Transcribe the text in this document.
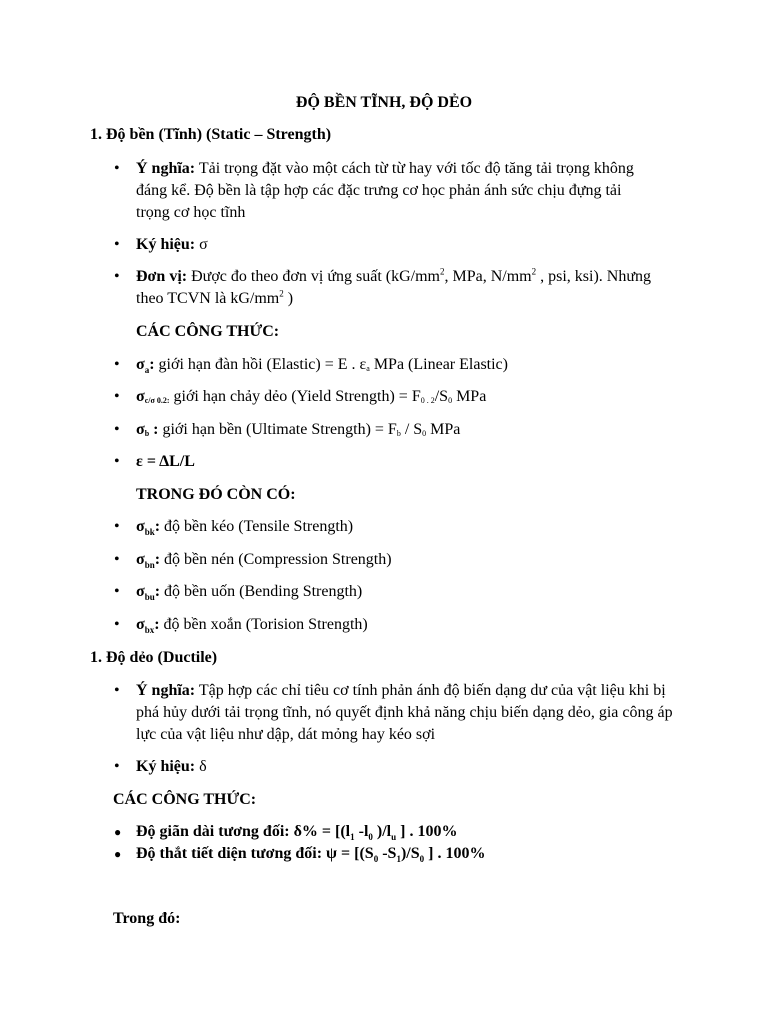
ĐỘ BỀN TĨNH, ĐỘ DẺO
1. Độ bền (Tĩnh) (Static – Strength)
•
Ý nghĩa: Tải trọng đặt vào một cách từ từ hay với tốc độ tăng tải trọng không đáng kể. Độ bền là tập hợp các đặc trưng cơ học phản ánh sức chịu đựng tải trọng cơ học tĩnh
•
Ký hiệu: σ
•
Đơn vị: Được đo theo đơn vị ứng suất ($kG/mm^2$, MPa, $N/mm^2$ , psi, ksi). Nhưng
theo TCVN là $kG/mm^2$ )
CÁC CÔNG THỨC:
•
$\sigma_a$: giới hạn đàn hồi (Elastic) = E . $\varepsilon_a$ MPa (Linear Elastic)
•
$\sigma_{c/\sigma 0.2:}$ giới hạn chảy dẻo (Yield Strength) = $F_{0 . 2}/S_0$ MPa
•
$\sigma_b$ : giới hạn bền (Ultimate Strength) = $F_b / S_0$ MPa
•
ε = ΔL/L
TRONG ĐÓ CÒN CÓ:
•
$\sigma_{bk}$: độ bền kéo (Tensile Strength)
•
$\sigma_{bn}$: độ bền nén (Compression Strength)
•
$\sigma_{bu}$: độ bền uốn (Bending Strength)
•
$\sigma_{bx}$: độ bền xoắn (Torision Strength)
1. Độ dẻo (Ductile)
•
Ý nghĩa: Tập hợp các chỉ tiêu cơ tính phản ánh độ biến dạng dư của vật liệu khi bị phá hủy dưới tải trọng tĩnh, nó quyết định khả năng chịu biến dạng dẻo, gia công áp lực của vật liệu như dập, dát mỏng hay kéo sợi
•
Ký hiệu: δ
CÁC CÔNG THỨC:
●
Độ giãn dài tương đối: $\delta\% = [(l_1$ $-l_0$ )$/l_u$ ] . 100%
●
Độ thắt tiết diện tương đối: $\psi = [(S_0$ $-S_1)/S_0$ ] . 100%
Trong đó:
